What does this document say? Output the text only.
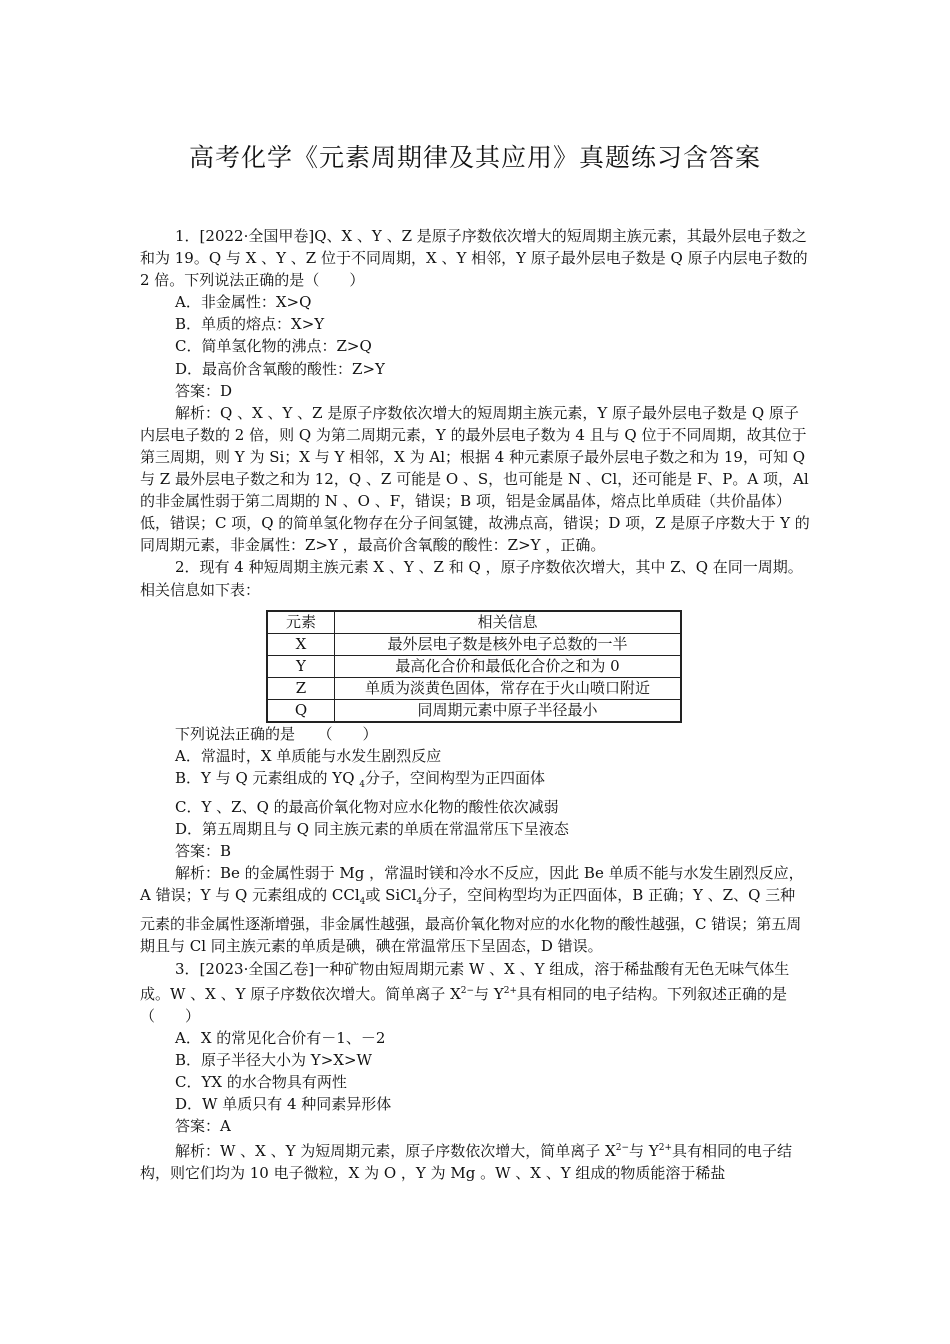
高考化学《元素周期律及其应用》真题练习含答案

1．[2022·全国甲卷]Q、X 、Y 、Z 是原子序数依次增大的短周期主族元素，其最外层电子数之和为 19。Q 与 X 、Y 、Z 位于不同周期，X 、Y 相邻，Y 原子最外层电子数是 Q 原子内层电子数的 2 倍。下列说法正确的是（　　）

A．非金属性：X>Q

B．单质的熔点：X>Y

C．简单氢化物的沸点：Z>Q

D．最高价含氧酸的酸性：Z>Y

答案：D

解析：Q 、X 、Y 、Z 是原子序数依次增大的短周期主族元素，Y 原子最外层电子数是 Q 原子内层电子数的 2 倍，则 Q 为第二周期元素，Y 的最外层电子数为 4 且与 Q 位于不同周期，故其位于第三周期，则 Y 为 Si；X 与 Y 相邻，X 为 Al；根据 4 种元素原子最外层电子数之和为 19，可知 Q 与 Z 最外层电子数之和为 12，Q 、Z 可能是 O 、S，也可能是 N 、Cl，还可能是 F、P。A 项，Al 的非金属性弱于第二周期的 N 、O 、F，错误；B 项，铝是金属晶体，熔点比单质硅（共价晶体）低，错误；C 项，Q 的简单氢化物存在分子间氢键，故沸点高，错误；D 项，Z 是原子序数大于 Y 的同周期元素，非金属性：Z>Y ，最高价含氧酸的酸性：Z>Y ，正确。

2．现有 4 种短周期主族元素 X 、Y 、Z 和 Q ，原子序数依次增大，其中 Z、Q 在同一周期。相关信息如下表：

元素	相关信息
X	最外层电子数是核外电子总数的一半
Y	最高化合价和最低化合价之和为 0
Z	单质为淡黄色固体，常存在于火山喷口附近
Q	同周期元素中原子半径最小

下列说法正确的是　　（　　）

A．常温时，X 单质能与水发生剧烈反应

B．Y 与 Q 元素组成的 YQ $_4$分子，空间构型为正四面体

C．Y 、Z、Q 的最高价氧化物对应水化物的酸性依次减弱

D．第五周期且与 Q 同主族元素的单质在常温常压下呈液态

答案：B

解析：Be 的金属性弱于 Mg ，常温时镁和冷水不反应，因此 Be 单质不能与水发生剧烈反应，A 错误；Y 与 Q 元素组成的 CCl$_4$或 SiCl$_4$分子，空间构型均为正四面体，B 正确；Y 、Z、Q 三种元素的非金属性逐渐增强，非金属性越强，最高价氧化物对应的水化物的酸性越强，C 错误；第五周期且与 Cl 同主族元素的单质是碘，碘在常温常压下呈固态，D 错误。

3．[2023·全国乙卷]一种矿物由短周期元素 W 、X 、Y 组成，溶于稀盐酸有无色无味气体生成。W 、X 、Y 原子序数依次增大。简单离子 $X^{2-}$与 $Y^{2+}$具有相同的电子结构。下列叙述正确的是（　　）

A．X 的常见化合价有－1、－2

B．原子半径大小为 Y>X>W

C．YX 的水合物具有两性

D．W 单质只有 4 种同素异形体

答案：A

解析：W 、X 、Y 为短周期元素，原子序数依次增大，简单离子 $X^{2-}$与 $Y^{2+}$具有相同的电子结构，则它们均为 10 电子微粒，X 为 O ，Y 为 Mg 。W 、X 、Y 组成的物质能溶于稀盐
